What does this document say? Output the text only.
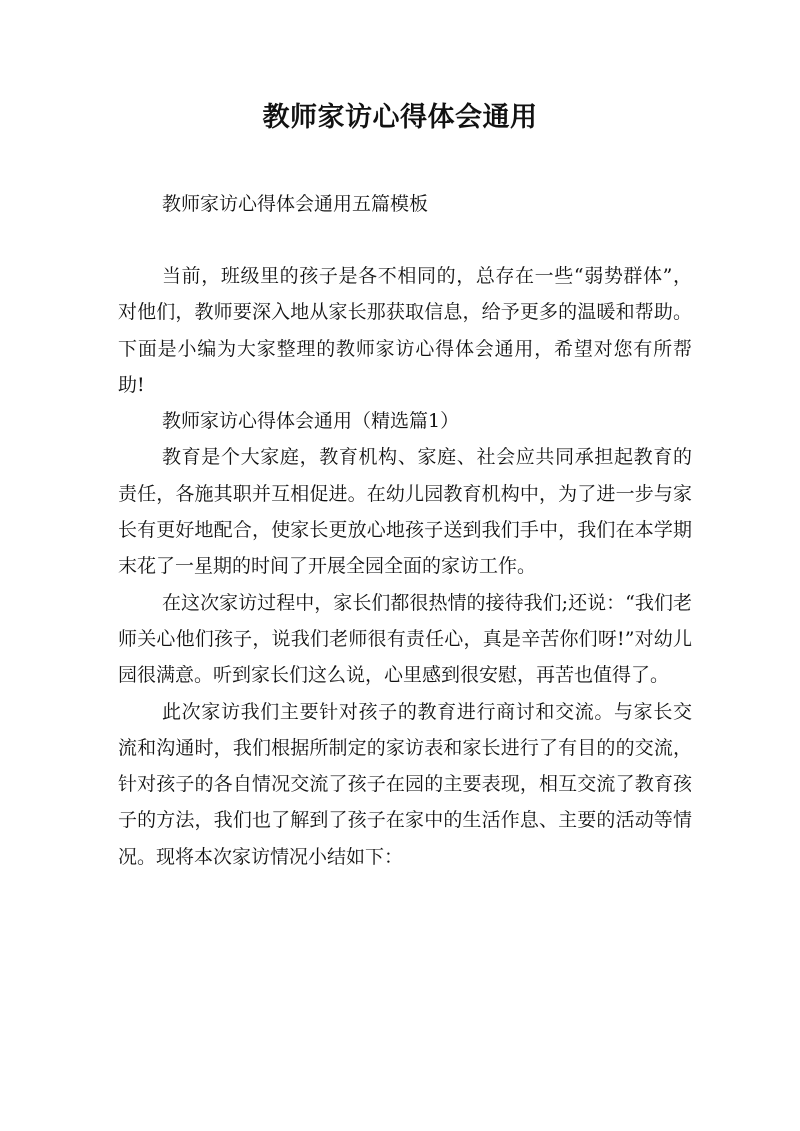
教师家访心得体会通用
教师家访心得体会通用五篇模板

当前，班级里的孩子是各不相同的，总存在一些“弱势群体”，对他们，教师要深入地从家长那获取信息，给予更多的温暖和帮助。下面是小编为大家整理的教师家访心得体会通用，希望对您有所帮助!

教师家访心得体会通用（精选篇1）

教育是个大家庭，教育机构、家庭、社会应共同承担起教育的责任，各施其职并互相促进。在幼儿园教育机构中，为了进一步与家长有更好地配合，使家长更放心地孩子送到我们手中，我们在本学期末花了一星期的时间了开展全园全面的家访工作。

在这次家访过程中，家长们都很热情的接待我们;还说：“我们老师关心他们孩子，说我们老师很有责任心，真是辛苦你们呀!”对幼儿园很满意。听到家长们这么说，心里感到很安慰，再苦也值得了。

此次家访我们主要针对孩子的教育进行商讨和交流。与家长交流和沟通时，我们根据所制定的家访表和家长进行了有目的的交流，针对孩子的各自情况交流了孩子在园的主要表现，相互交流了教育孩子的方法，我们也了解到了孩子在家中的生活作息、主要的活动等情况。现将本次家访情况小结如下：
